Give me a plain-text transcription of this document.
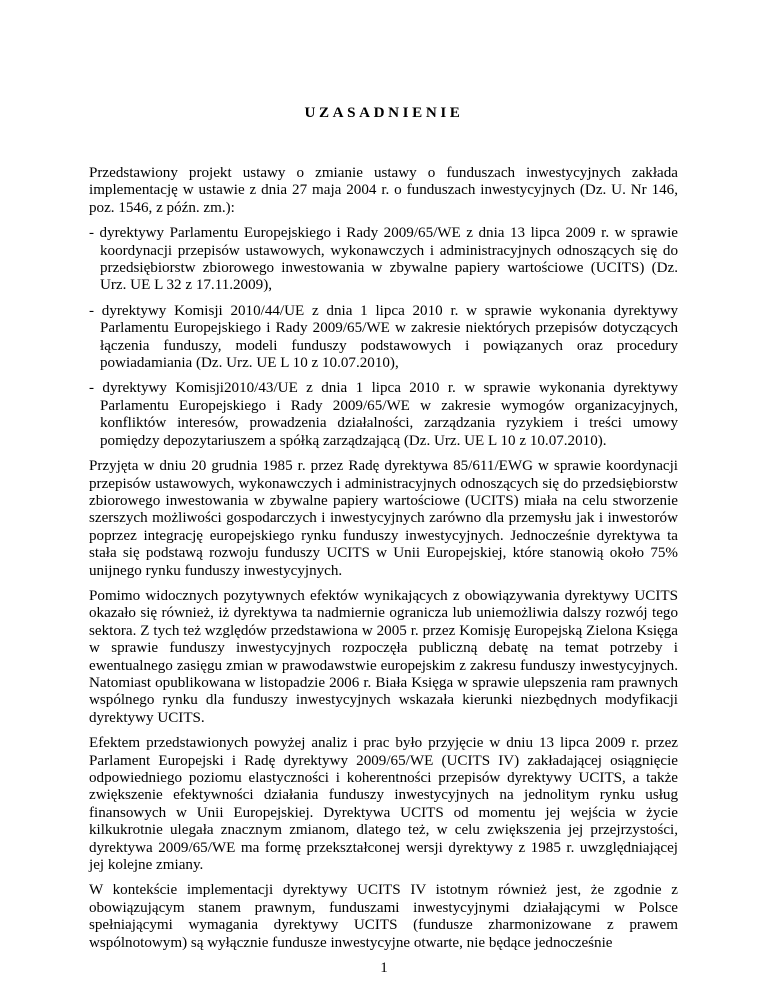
UZASADNIENIE

Przedstawiony projekt ustawy o zmianie ustawy o funduszach inwestycyjnych zakłada implementację w ustawie z dnia 27 maja 2004 r. o funduszach inwestycyjnych (Dz. U. Nr 146, poz. 1546, z późn. zm.):

- dyrektywy Parlamentu Europejskiego i Rady 2009/65/WE z dnia 13 lipca 2009 r. w sprawie koordynacji przepisów ustawowych, wykonawczych i administracyjnych odnoszących się do przedsiębiorstw zbiorowego inwestowania w zbywalne papiery wartościowe (UCITS) (Dz. Urz. UE L 32 z 17.11.2009),
- dyrektywy Komisji 2010/44/UE z dnia 1 lipca 2010 r. w sprawie wykonania dyrektywy Parlamentu Europejskiego i Rady 2009/65/WE w zakresie niektórych przepisów dotyczących łączenia funduszy, modeli funduszy podstawowych i powiązanych oraz procedury powiadamiania (Dz. Urz. UE L 10 z 10.07.2010),
- dyrektywy Komisji2010/43/UE z dnia 1 lipca 2010 r. w sprawie wykonania dyrektywy Parlamentu Europejskiego i Rady 2009/65/WE w zakresie wymogów organizacyjnych, konfliktów interesów, prowadzenia działalności, zarządzania ryzykiem i treści umowy pomiędzy depozytariuszem a spółką zarządzającą (Dz. Urz. UE L 10 z 10.07.2010).

Przyjęta w dniu 20 grudnia 1985 r. przez Radę dyrektywa 85/611/EWG w sprawie koordynacji przepisów ustawowych, wykonawczych i administracyjnych odnoszących się do przedsiębiorstw zbiorowego inwestowania w zbywalne papiery wartościowe (UCITS) miała na celu stworzenie szerszych możliwości gospodarczych i inwestycyjnych zarówno dla przemysłu jak i inwestorów poprzez integrację europejskiego rynku funduszy inwestycyjnych. Jednocześnie dyrektywa ta stała się podstawą rozwoju funduszy UCITS w Unii Europejskiej, które stanowią około 75% unijnego rynku funduszy inwestycyjnych.

Pomimo widocznych pozytywnych efektów wynikających z obowiązywania dyrektywy UCITS okazało się również, iż dyrektywa ta nadmiernie ogranicza lub uniemożliwia dalszy rozwój tego sektora. Z tych też względów przedstawiona w 2005 r. przez Komisję Europejską Zielona Księga w sprawie funduszy inwestycyjnych rozpoczęła publiczną debatę na temat potrzeby i ewentualnego zasięgu zmian w prawodawstwie europejskim z zakresu funduszy inwestycyjnych. Natomiast opublikowana w listopadzie 2006 r. Biała Księga w sprawie ulepszenia ram prawnych wspólnego rynku dla funduszy inwestycyjnych wskazała kierunki niezbędnych modyfikacji dyrektywy UCITS.

Efektem przedstawionych powyżej analiz i prac było przyjęcie w dniu 13 lipca 2009 r. przez Parlament Europejski i Radę dyrektywy 2009/65/WE (UCITS IV) zakładającej osiągnięcie odpowiedniego poziomu elastyczności i koherentności przepisów dyrektywy UCITS, a także zwiększenie efektywności działania funduszy inwestycyjnych na jednolitym rynku usług finansowych w Unii Europejskiej. Dyrektywa UCITS od momentu jej wejścia w życie kilkukrotnie ulegała znacznym zmianom, dlatego też, w celu zwiększenia jej przejrzystości, dyrektywa 2009/65/WE ma formę przekształconej wersji dyrektywy z 1985 r. uwzględniającej jej kolejne zmiany.

W kontekście implementacji dyrektywy UCITS IV istotnym również jest, że zgodnie z obowiązującym stanem prawnym, funduszami inwestycyjnymi działającymi w Polsce spełniającymi wymagania dyrektywy UCITS (fundusze zharmonizowane z prawem wspólnotowym) są wyłącznie fundusze inwestycyjne otwarte, nie będące jednocześnie

1
